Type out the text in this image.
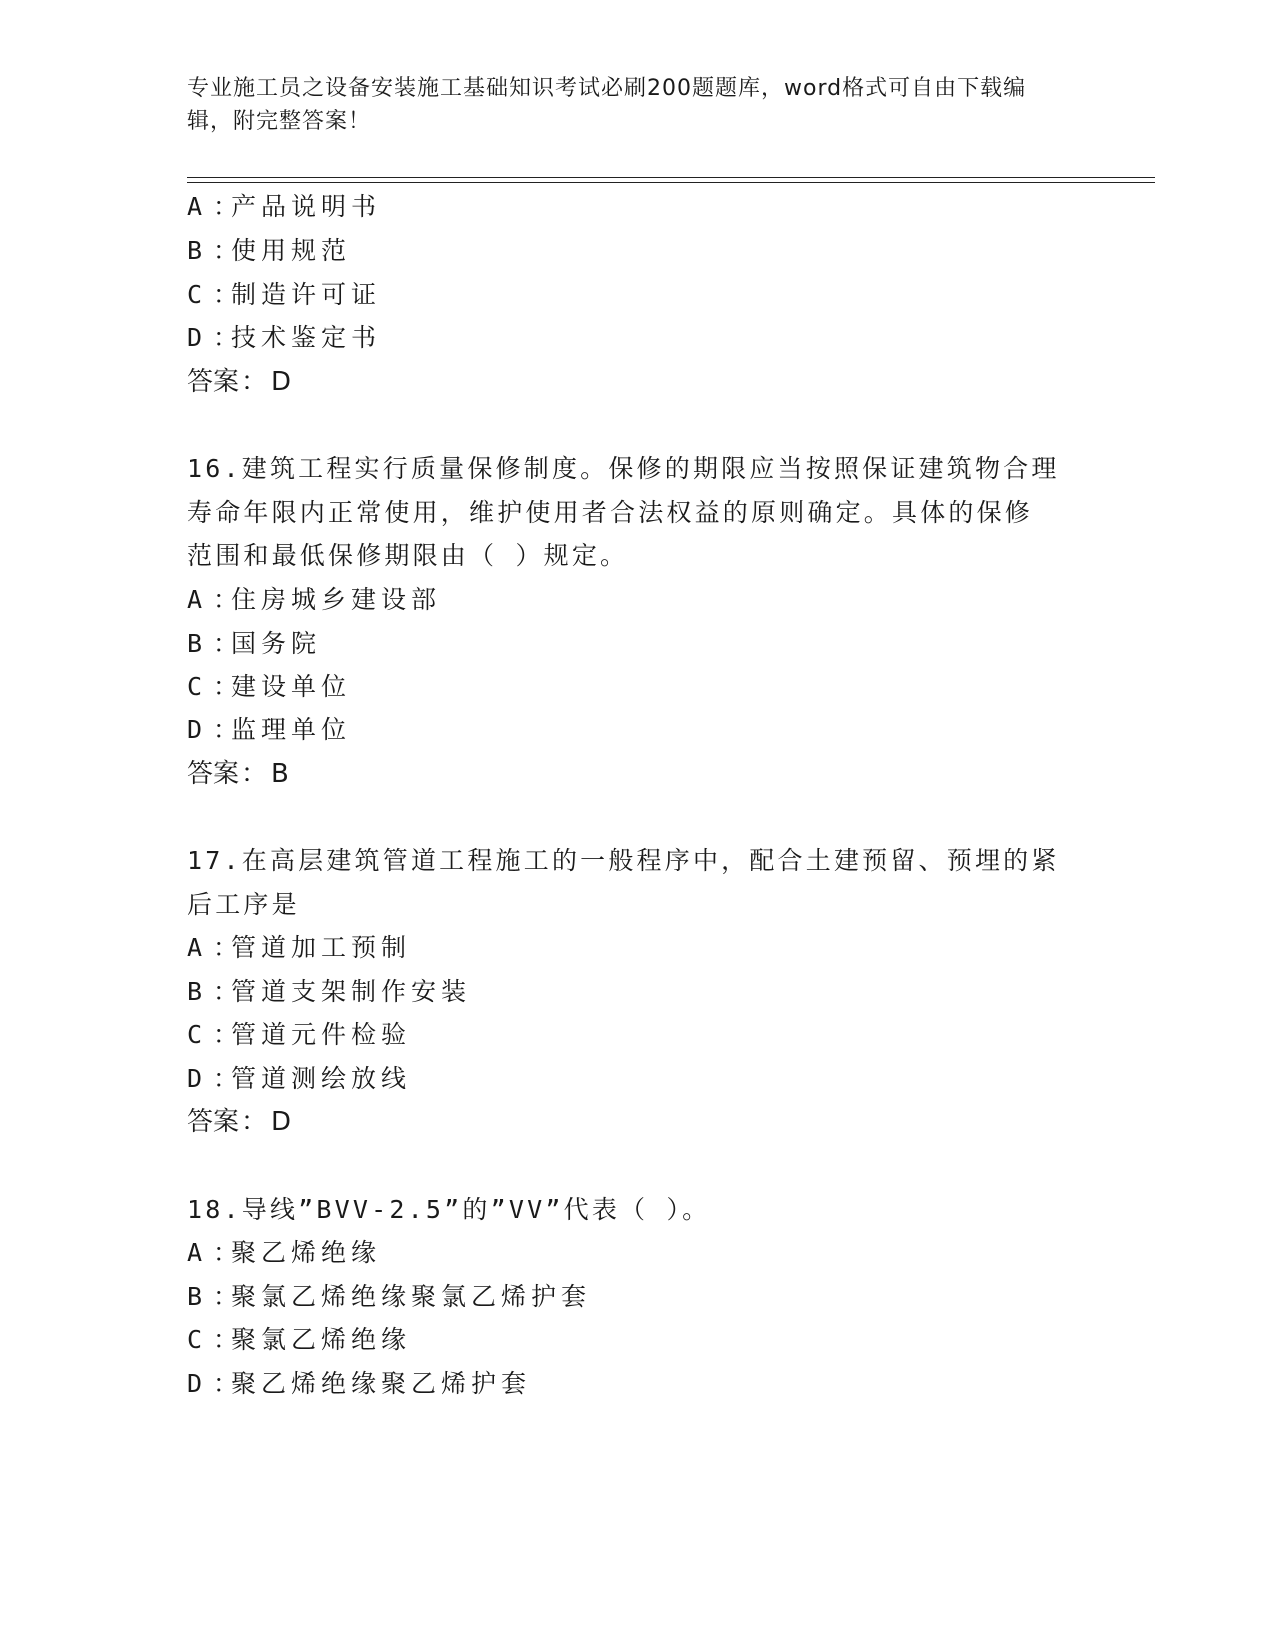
专业施工员之设备安装施工基础知识考试必刷200题题库，word格式可自由下载编辑，附完整答案！
A ：产品说明书
B ：使用规范
C ：制造许可证
D ：技术鉴定书
答案： D
16.建筑工程实行质量保修制度。保修的期限应当按照保证建筑物合理
寿命年限内正常使用，维护使用者合法权益的原则确定。具体的保修
范围和最低保修期限由（ ）规定。
A ：住房城乡建设部
B ：国务院
C ：建设单位
D ：监理单位
答案： B
17.在高层建筑管道工程施工的一般程序中，配合土建预留、预埋的紧
后工序是
A ：管道加工预制
B ：管道支架制作安装
C ：管道元件检验
D ：管道测绘放线
答案： D
18.导线”BVV-2.5”的”VV”代表（ ）。
A ：聚乙烯绝缘
B ：聚氯乙烯绝缘聚氯乙烯护套
C ：聚氯乙烯绝缘
D ：聚乙烯绝缘聚乙烯护套
